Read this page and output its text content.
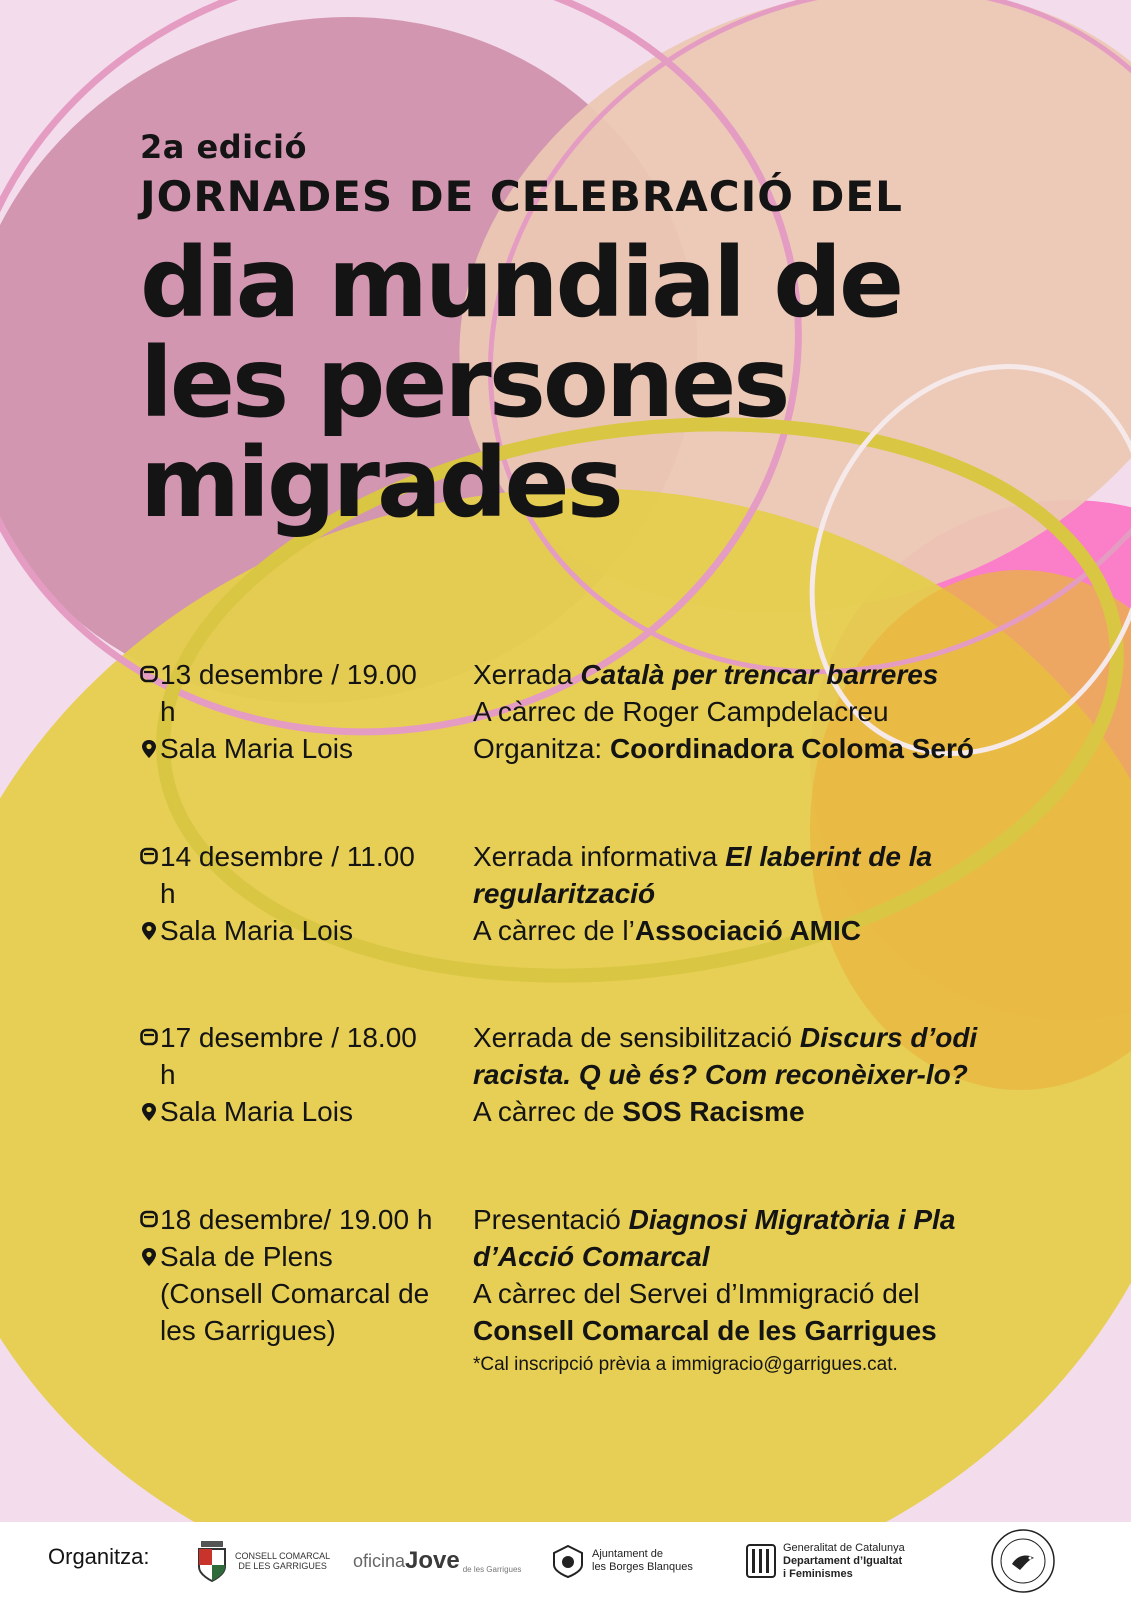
2a edició
JORNADES DE CELEBRACIÓ DEL
dia mundial de
les persones
migrades
13 desembre / 19.00 h
Sala Maria Lois
Xerrada Català per trencar barreres
A càrrec de Roger Campdelacreu
Organitza: Coordinadora Coloma Seró
14 desembre / 11.00 h
Sala Maria Lois
Xerrada informativa El laberint de la regularització
A càrrec de l’Associació AMIC
17 desembre / 18.00 h
Sala Maria Lois
Xerrada de sensibilització Discurs d’odi racista. Q uè és? Com reconèixer-lo?
A càrrec de SOS Racisme
18 desembre/ 19.00 h
Sala de Plens
(Consell Comarcal de
les Garrigues)
Presentació Diagnosi Migratòria i Pla d’Acció Comarcal
A càrrec del Servei d’Immigració del
Consell Comarcal de les Garrigues
*Cal inscripció prèvia a immigracio@garrigues.cat.
Organitza:	CONSELL COMARCAL
DE LES GARRIGUES oficina Jove de les Garrigues
Ajuntament de
les Borges Blanques
Generalitat de Catalunya
Departament d’Igualtat
i Feminismes
